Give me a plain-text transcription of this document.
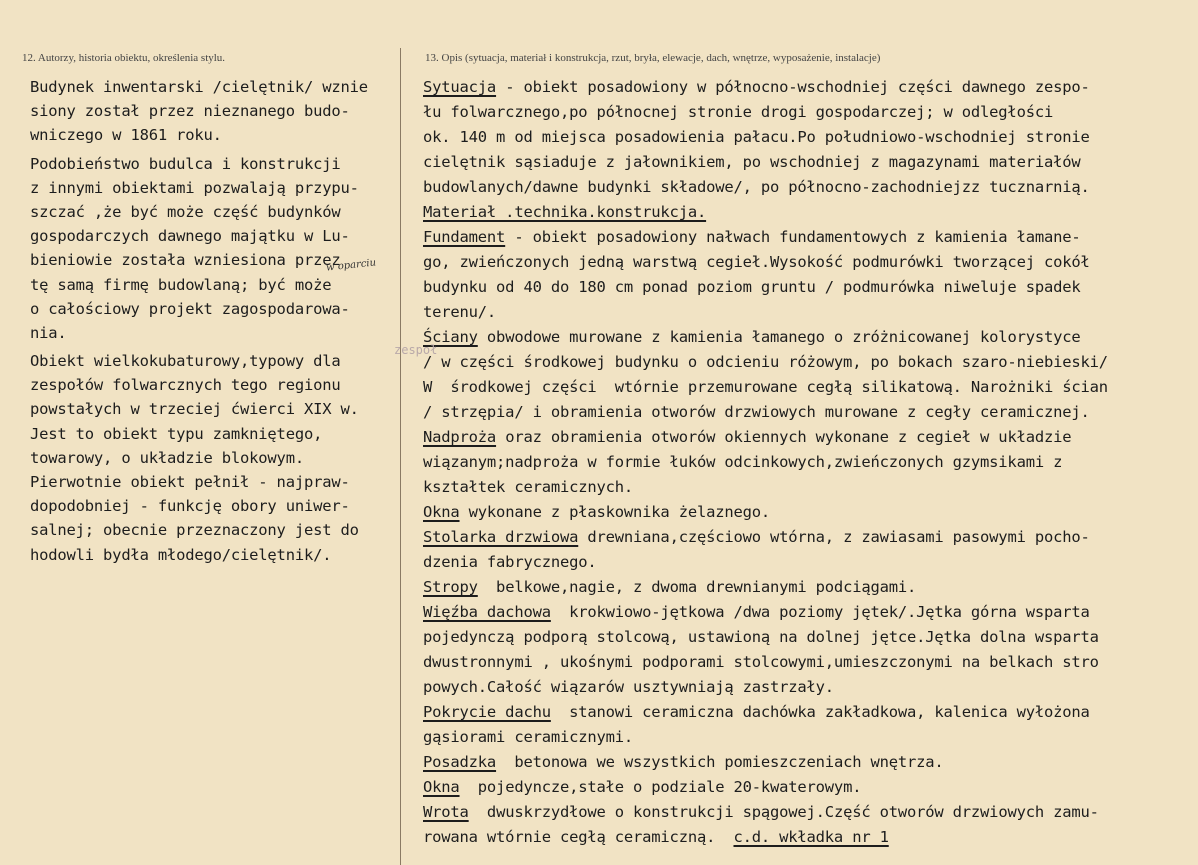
12. Autorzy, historia obiektu, określenia stylu.	13. Opis (sytuacja, materiał i konstrukcja, rzut, bryła, elewacje, dach, wnętrze, wyposażenie, instalacje)
Budynek inwentarski /cielętnik/ wznie
siony został przez nieznanego budo-
wniczego w 1861 roku.
Podobieństwo budulca i konstrukcji
z innymi obiektami pozwalają przypu-
szczać ,że być może część budynków
gospodarczych dawnego majątku w Lu-
bieniowie została wzniesiona przez
tę samą firmę budowlaną; być może
o całościowy projekt zagospodarowa-
nia.
Obiekt wielkokubaturowy,typowy dla
zespołów folwarcznych tego regionu
powstałych w trzeciej ćwierci XIX w.
Jest to obiekt typu zamkniętego,
towarowy, o układzie blokowym.
Pierwotnie obiekt pełnił - najpraw-
dopodobniej - funkcję obory uniwer-
salnej; obecnie przeznaczony jest do
hodowli bydła młodego/cielętnik/.
Sytuacja - obiekt posadowiony w północno-wschodniej części dawnego zespo-
łu folwarcznego,po północnej stronie drogi gospodarczej; w odległości
ok. 140 m od miejsca posadowienia pałacu.Po południowo-wschodniej stronie
cielętnik sąsiaduje z jałownikiem, po wschodniej z magazynami materiałów
budowlanych/dawne budynki składowe/, po północno-zachodniejzz tucznarnią.
Materiał .technika.konstrukcja.
Fundament - obiekt posadowiony nałwach fundamentowych z kamienia łamane-
go, zwieńczonych jedną warstwą cegieł.Wysokość podmurówki tworzącej cokół
budynku od 40 do 180 cm ponad poziom gruntu / podmurówka niweluje spadek
terenu/.
Ściany obwodowe murowane z kamienia łamanego o zróżnicowanej kolorystyce
/ w części środkowej budynku o odcieniu różowym, po bokach szaro-niebieski/
W  środkowej części  wtórnie przemurowane cegłą silikatową. Narożniki ścian
/ strzępia/ i obramienia otworów drzwiowych murowane z cegły ceramicznej.
Nadproża oraz obramienia otworów okiennych wykonane z cegieł w układzie
wiązanym;nadproża w formie łuków odcinkowych,zwieńczonych gzymsikami z
kształtek ceramicznych.
Okna wykonane z płaskownika żelaznego.
Stolarka drzwiowa drewniana,częściowo wtórna, z zawiasami pasowymi pocho-
dzenia fabrycznego.
Stropy  belkowe,nagie, z dwoma drewnianymi podciągami.
Więźba dachowa  krokwiowo-jętkowa /dwa poziomy jętek/.Jętka górna wsparta
pojedynczą podporą stolcową, ustawioną na dolnej jętce.Jętka dolna wsparta
dwustronnymi , ukośnymi podporami stolcowymi,umieszczonymi na belkach stro
powych.Całość wiązarów usztywniają zastrzały.
Pokrycie dachu  stanowi ceramiczna dachówka zakładkowa, kalenica wyłożona
gąsiorami ceramicznymi.
Posadzka  betonowa we wszystkich pomieszczeniach wnętrza.
Okna  pojedyncze,stałe o podziale 20-kwaterowym.
Wrota  dwuskrzydłowe o konstrukcji spągowej.Część otworów drzwiowych zamu-
rowana wtórnie cegłą ceramiczną.  c.d. wkładka nr 1
w oparciu
zespoł
